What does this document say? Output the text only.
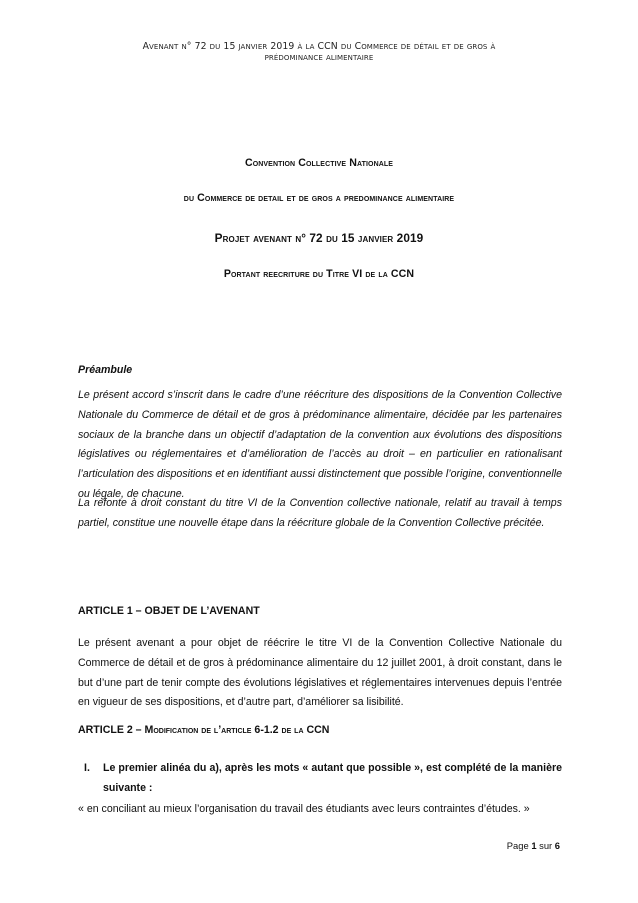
Avenant n° 72 du 15 janvier 2019 à la CCN du Commerce de détail et de gros à
prédominance alimentaire
Convention Collective Nationale
du Commerce de detail et de gros a predominance alimentaire
Projet avenant n° 72 du 15 janvier 2019
Portant reecriture du Titre VI de la CCN
Préambule

Le présent accord s’inscrit dans le cadre d’une réécriture des dispositions de la Convention Collective Nationale du Commerce de détail et de gros à prédominance alimentaire, décidée par les partenaires sociaux de la branche dans un objectif d’adaptation de la convention aux évolutions des dispositions législatives ou réglementaires et d’amélioration de l’accès au droit – en particulier en rationalisant l’articulation des dispositions et en identifiant aussi distinctement que possible l’origine, conventionnelle ou légale, de chacune.

La refonte à droit constant du titre VI de la Convention collective nationale, relatif au travail à temps partiel, constitue une nouvelle étape dans la réécriture globale de la Convention Collective précitée.

ARTICLE 1 – OBJET DE L’AVENANT

Le présent avenant a pour objet de réécrire le titre VI de la Convention Collective Nationale du Commerce de détail et de gros à prédominance alimentaire du 12 juillet 2001, à droit constant, dans le but d’une part de tenir compte des évolutions législatives et réglementaires intervenues depuis l’entrée en vigueur de ses dispositions, et d’autre part, d’améliorer sa lisibilité.

ARTICLE 2 – Modification de l’article 6-1.2 de la CCN
I. Le premier alinéa du a), après les mots « autant que possible », est complété de la manière suivante :
« en conciliant au mieux l’organisation du travail des étudiants avec leurs contraintes d’études. »
Page 1 sur 6
